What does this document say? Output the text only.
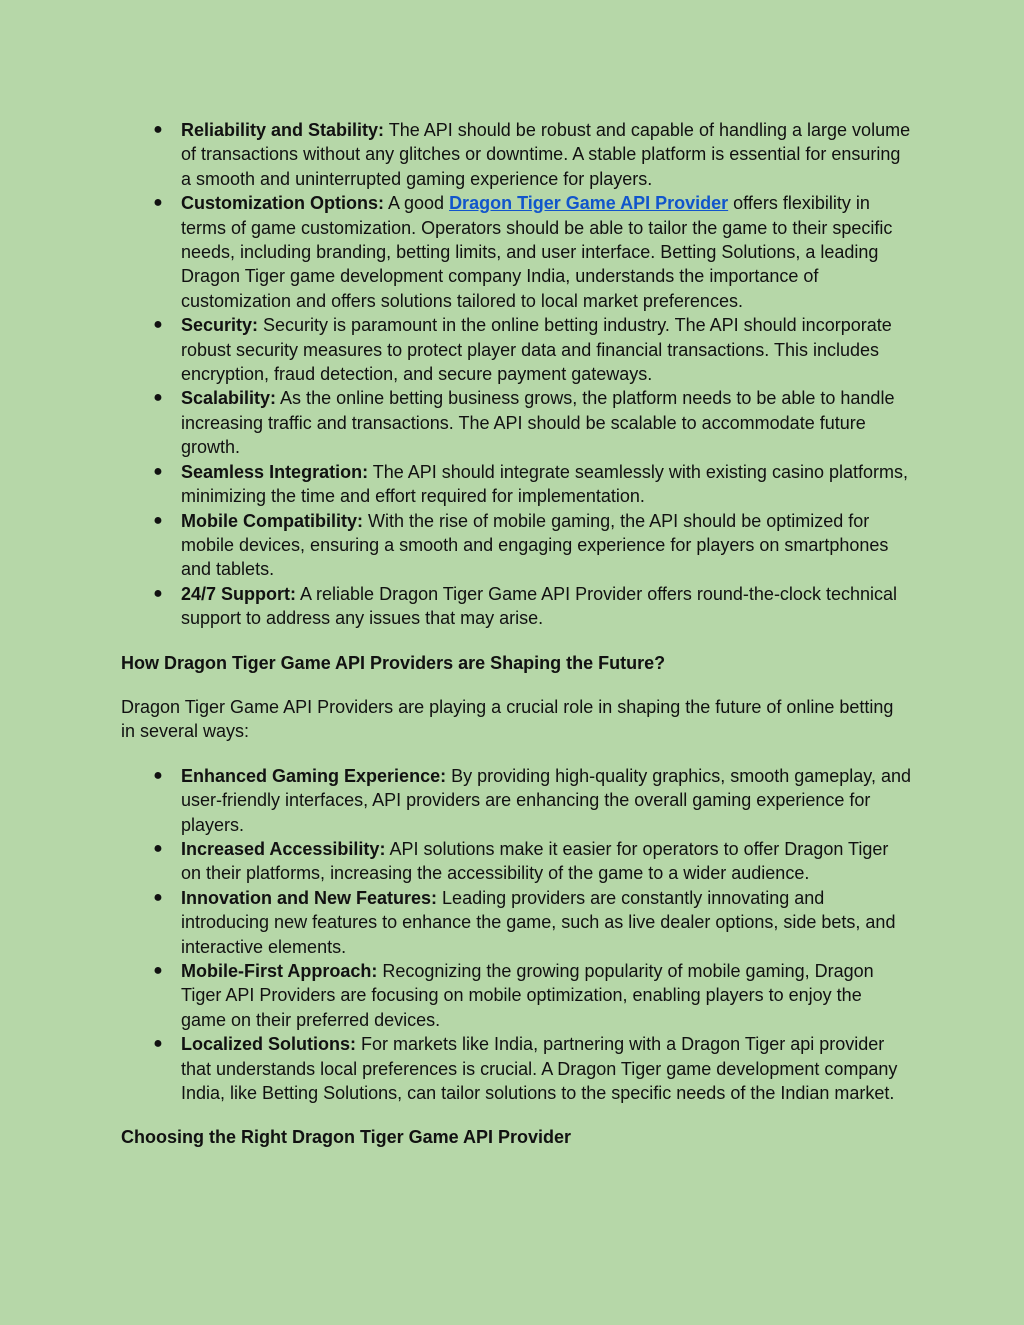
● Reliability and Stability: The API should be robust and capable of handling a large volume of transactions without any glitches or downtime. A stable platform is essential for ensuring a smooth and uninterrupted gaming experience for players.
● Customization Options: A good Dragon Tiger Game API Provider offers flexibility in terms of game customization. Operators should be able to tailor the game to their specific needs, including branding, betting limits, and user interface. Betting Solutions, a leading Dragon Tiger game development company India, understands the importance of customization and offers solutions tailored to local market preferences.
● Security: Security is paramount in the online betting industry. The API should incorporate robust security measures to protect player data and financial transactions. This includes encryption, fraud detection, and secure payment gateways.
● Scalability: As the online betting business grows, the platform needs to be able to handle increasing traffic and transactions. The API should be scalable to accommodate future growth.
● Seamless Integration: The API should integrate seamlessly with existing casino platforms, minimizing the time and effort required for implementation.
● Mobile Compatibility: With the rise of mobile gaming, the API should be optimized for mobile devices, ensuring a smooth and engaging experience for players on smartphones and tablets.
● 24/7 Support: A reliable Dragon Tiger Game API Provider offers round-the-clock technical support to address any issues that may arise.
How Dragon Tiger Game API Providers are Shaping the Future?

Dragon Tiger Game API Providers are playing a crucial role in shaping the future of online betting in several ways:

● Enhanced Gaming Experience: By providing high-quality graphics, smooth gameplay, and user-friendly interfaces, API providers are enhancing the overall gaming experience for players.
● Increased Accessibility: API solutions make it easier for operators to offer Dragon Tiger on their platforms, increasing the accessibility of the game to a wider audience.
● Innovation and New Features: Leading providers are constantly innovating and introducing new features to enhance the game, such as live dealer options, side bets, and interactive elements.
● Mobile-First Approach: Recognizing the growing popularity of mobile gaming, Dragon Tiger API Providers are focusing on mobile optimization, enabling players to enjoy the game on their preferred devices.
● Localized Solutions: For markets like India, partnering with a Dragon Tiger api provider that understands local preferences is crucial. A Dragon Tiger game development company India, like Betting Solutions, can tailor solutions to the specific needs of the Indian market.
Choosing the Right Dragon Tiger Game API Provider
